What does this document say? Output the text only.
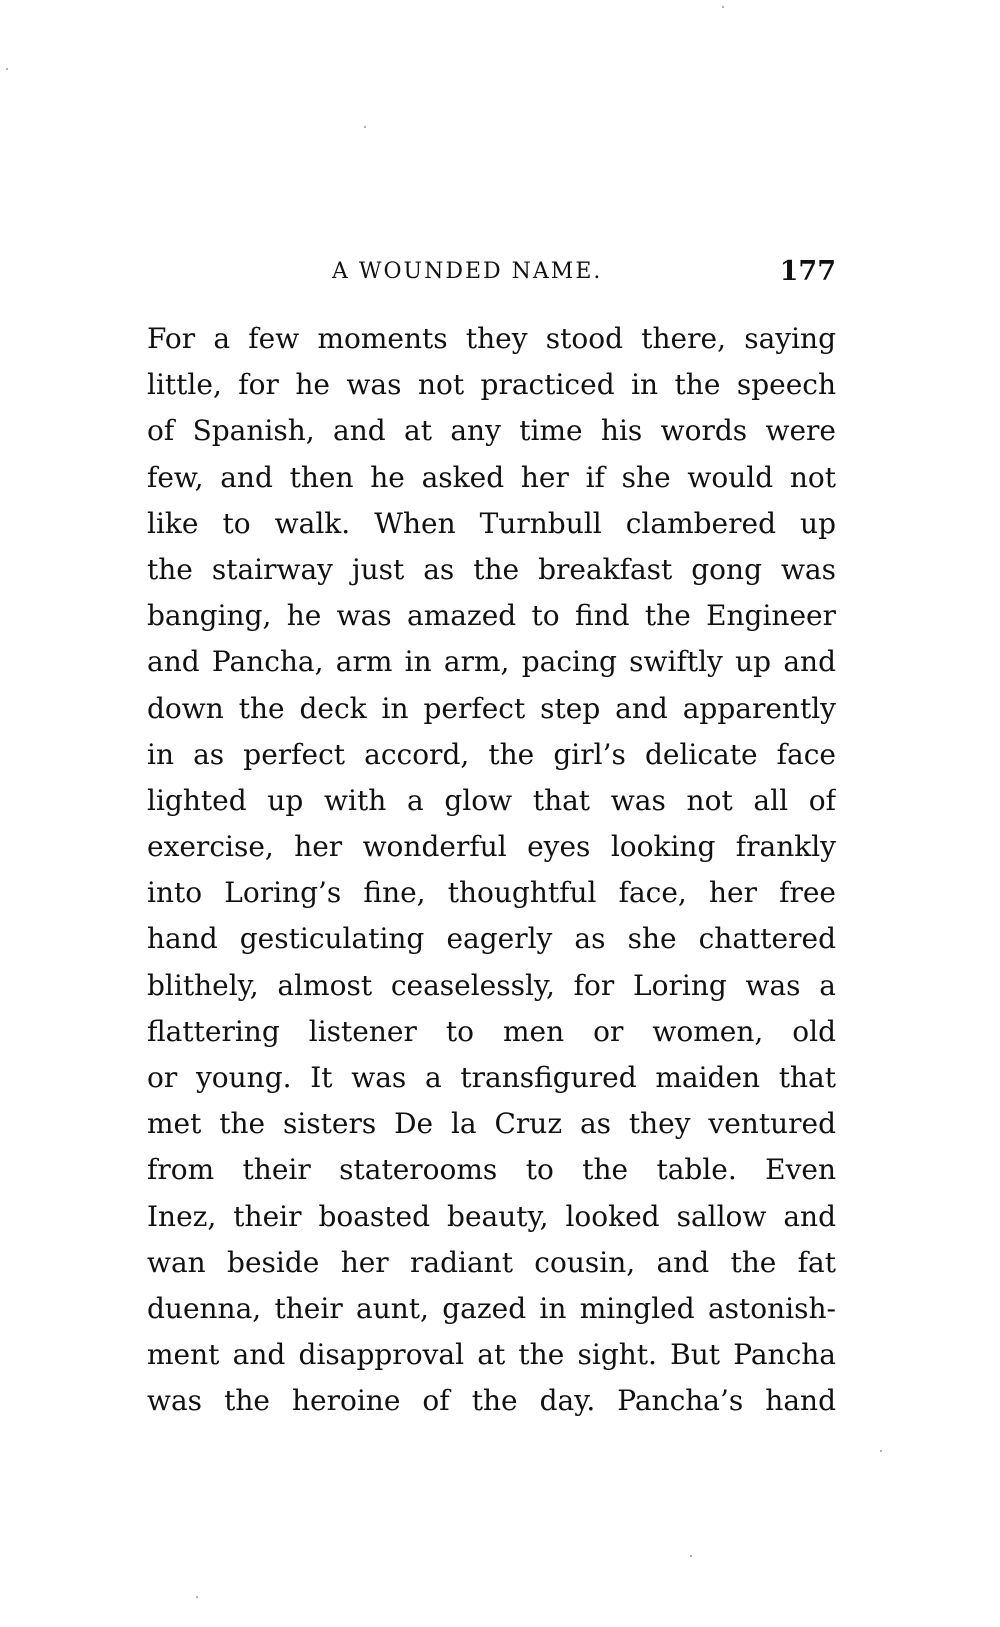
A WOUNDED NAME.	177
For a few moments they stood there, saying
little, for he was not practiced in the speech
of Spanish, and at any time his words were
few, and then he asked her if she would not
like to walk. When Turnbull clambered up
the stairway just as the breakfast gong was
banging, he was amazed to find the Engineer
and Pancha, arm in arm, pacing swiftly up and
down the deck in perfect step and apparently
in as perfect accord, the girl’s delicate face
lighted up with a glow that was not all of
exercise, her wonderful eyes looking frankly
into Loring’s fine, thoughtful face, her free
hand gesticulating eagerly as she chattered
blithely, almost ceaselessly, for Loring was a
flattering listener to men or women, old
or young. It was a transfigured maiden that
met the sisters De la Cruz as they ventured
from their staterooms to the table. Even
Inez, their boasted beauty, looked sallow and
wan beside her radiant cousin, and the fat
duenna, their aunt, gazed in mingled astonish-
ment and disapproval at the sight. But Pancha
was the heroine of the day. Pancha’s hand
